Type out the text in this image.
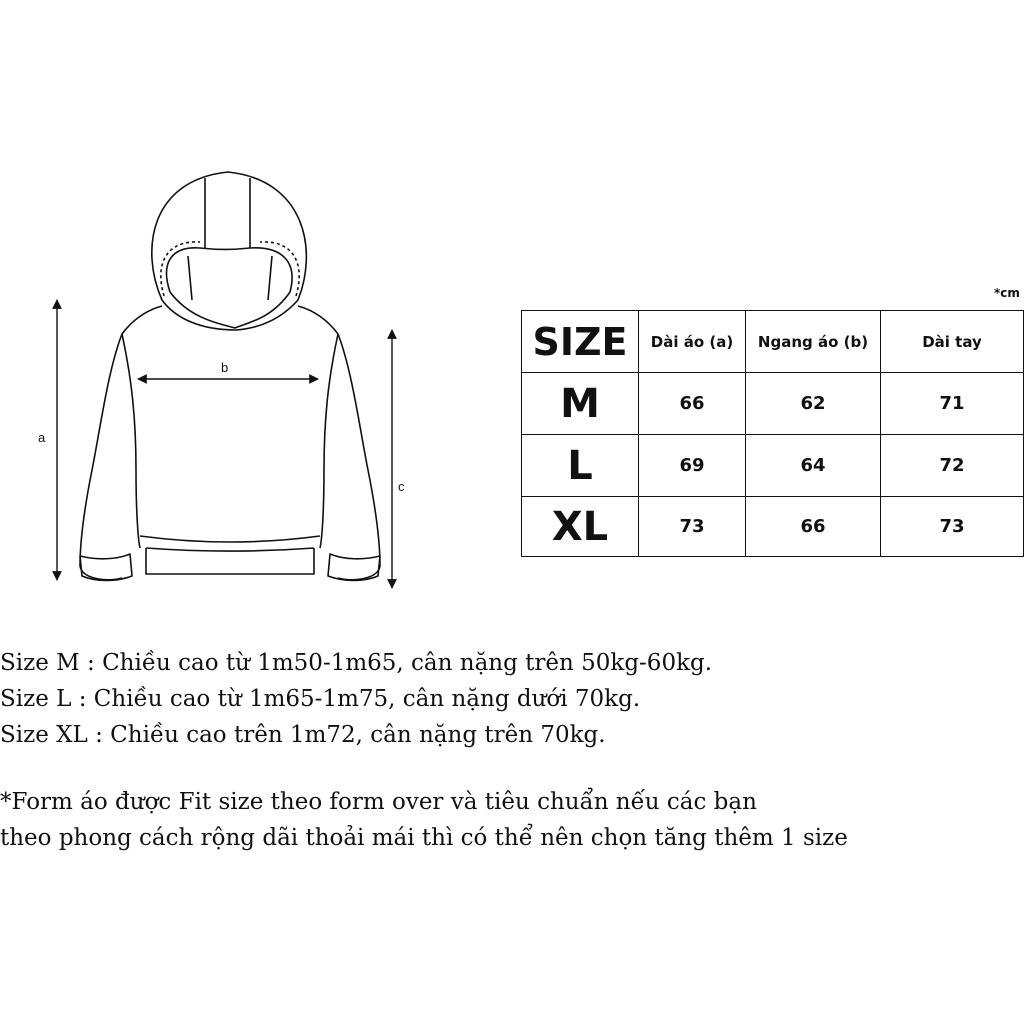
a
b
c
*cm
SIZE	Dài áo (a)	Ngang áo (b)	Dài tay
M	66	62	71
L	69	64	72
XL	73	66	73
Size M : Chiều cao từ 1m50-1m65, cân nặng trên 50kg-60kg.
Size L : Chiều cao từ 1m65-1m75, cân nặng dưới 70kg.
Size XL : Chiều cao trên 1m72, cân nặng trên 70kg.
*Form áo được Fit size theo form over và tiêu chuẩn nếu các bạn
theo phong cách rộng dãi thoải mái thì có thể nên chọn tăng thêm 1 size
